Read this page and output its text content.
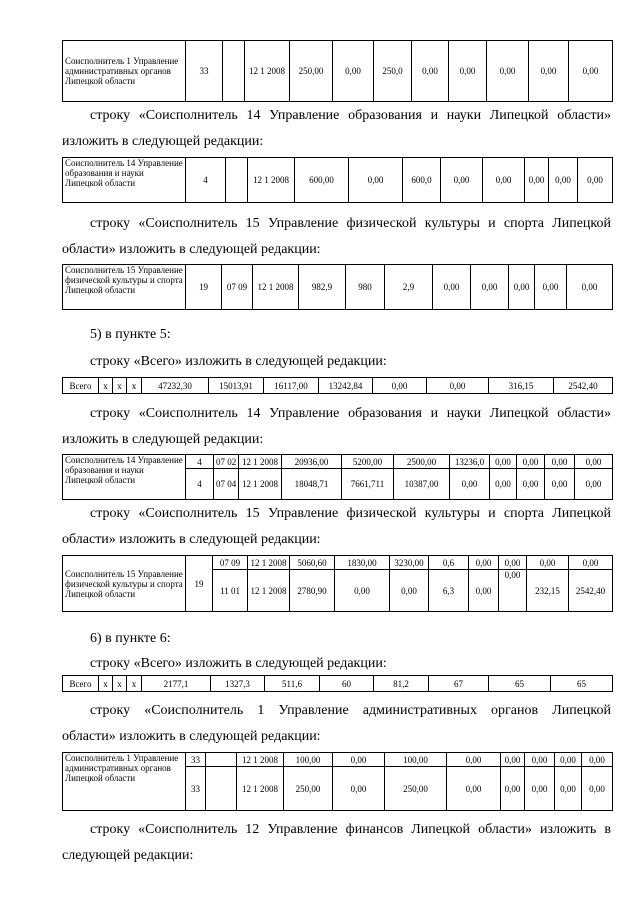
Соисполнитель 1 Управление административных органов Липецкой области	33		12 1 2008	250,00	0,00	250,0	0,00	0,00	0,00	0,00	0,00
строку «Соисполнитель 14 Управление образования и науки Липецкой области»
изложить в следующей редакции:
Соисполнитель 14 Управление образования и науки Липецкой области	4		12 1 2008	600,00	0,00	600,0	0,00	0,00	0,00	0,00	0,00
строку «Соисполнитель 15 Управление физической культуры и спорта Липецкой
области» изложить в следующей редакции:
Соисполнитель 15 Управление физической культуры и спорта Липецкой области	19	07 09	12 1 2008	982,9	980	2,9	0,00	0,00	0,00	0,00	0,00
5) в пункте 5:
строку «Всего» изложить в следующей редакции:
Всего	х	х	х	47232,30	15013,91	16117,00	13242,84	0,00	0,00	316,15	2542,40
строку «Соисполнитель 14 Управление образования и науки Липецкой области»
изложить в следующей редакции:
Соисполнитель 14 Управление образования и науки Липецкой области	4	07 02	12 1 2008	20936,00	5200,00	2500,00	13236,0	0,00	0,00	0,00	0,00
	4	07 04	12 1 2008	18048,71	7661,711	10387,00	0,00	0,00	0,00	0,00	0,00
строку «Соисполнитель 15 Управление физической культуры и спорта Липецкой
области» изложить в следующей редакции:
Соисполнитель 15 Управление физической культуры и спорта Липецкой области	19	07 09	12 1 2008	5060,60	1830,00	3230,00	0,6	0,00	0,00	0,00	0,00
		11 01	12 1 2008	2780,90	0,00	0,00	6,3	0,00	0,00	232,15	2542,40
6) в пункте 6:
строку «Всего» изложить в следующей редакции:
Всего	х	х	х	2177,1	1327,3	511,6	60	81,2	67	65	65
строку «Соисполнитель 1 Управление административных органов Липецкой
области» изложить в следующей редакции:
Соисполнитель 1 Управление административных органов Липецкой области	33		12 1 2008	100,00	0,00	100,00	0,00	0,00	0,00	0,00	0,00
	33		12 1 2008	250,00	0,00	250,00	0,00	0,00	0,00	0,00	0,00
строку «Соисполнитель 12 Управление финансов Липецкой области» изложить в
следующей редакции:
